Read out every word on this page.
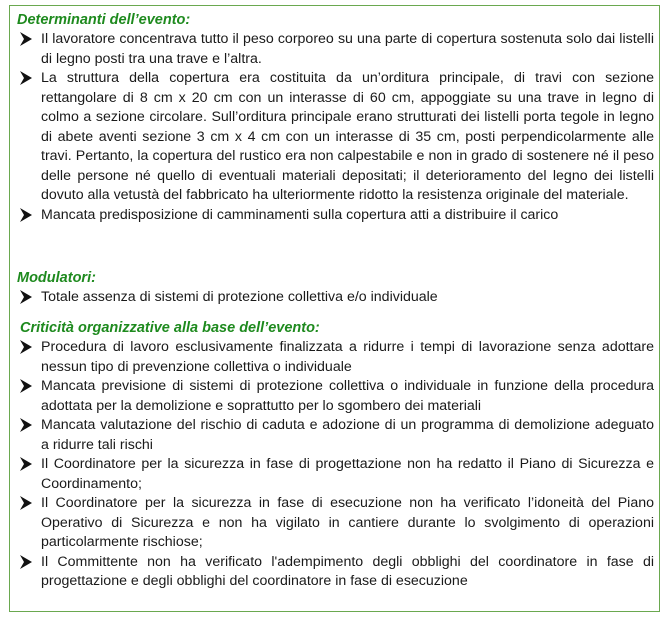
Determinanti dell’evento:

Il lavoratore concentrava tutto il peso corporeo su una parte di copertura sostenuta solo dai listelli di legno posti tra una trave e l’altra.
La struttura della copertura era costituita da un’orditura principale, di travi con sezione rettangolare di 8 cm x 20 cm con un interasse di 60 cm, appoggiate su una trave in legno di colmo a sezione circolare. Sull’orditura principale erano strutturati dei listelli porta tegole in legno di abete aventi sezione 3 cm x 4 cm con un interasse di 35 cm, posti perpendicolarmente alle travi. Pertanto, la copertura del rustico era non calpestabile e non in grado di sostenere né il peso delle persone né quello di eventuali materiali depositati; il deterioramento del legno dei listelli dovuto alla vetustà del fabbricato ha ulteriormente ridotto la resistenza originale del materiale.
Mancata predisposizione di camminamenti sulla copertura atti a distribuire il carico

Modulatori:

Totale assenza di sistemi di protezione collettiva e/o individuale

Criticità organizzative alla base dell’evento:

Procedura di lavoro esclusivamente finalizzata a ridurre i tempi di lavorazione senza adottare nessun tipo di prevenzione collettiva o individuale
Mancata previsione di sistemi di protezione collettiva o individuale in funzione della procedura adottata per la demolizione e soprattutto per lo sgombero dei materiali
Mancata valutazione del rischio di caduta e adozione di un programma di demolizione adeguato a ridurre tali rischi
Il Coordinatore per la sicurezza in fase di progettazione non ha redatto il Piano di Sicurezza e Coordinamento;
Il Coordinatore per la sicurezza in fase di esecuzione non ha verificato l’idoneità del Piano Operativo di Sicurezza e non ha vigilato in cantiere durante lo svolgimento di operazioni particolarmente rischiose;
Il Committente non ha verificato l'adempimento degli obblighi del coordinatore in fase di progettazione e degli obblighi del coordinatore in fase di esecuzione
